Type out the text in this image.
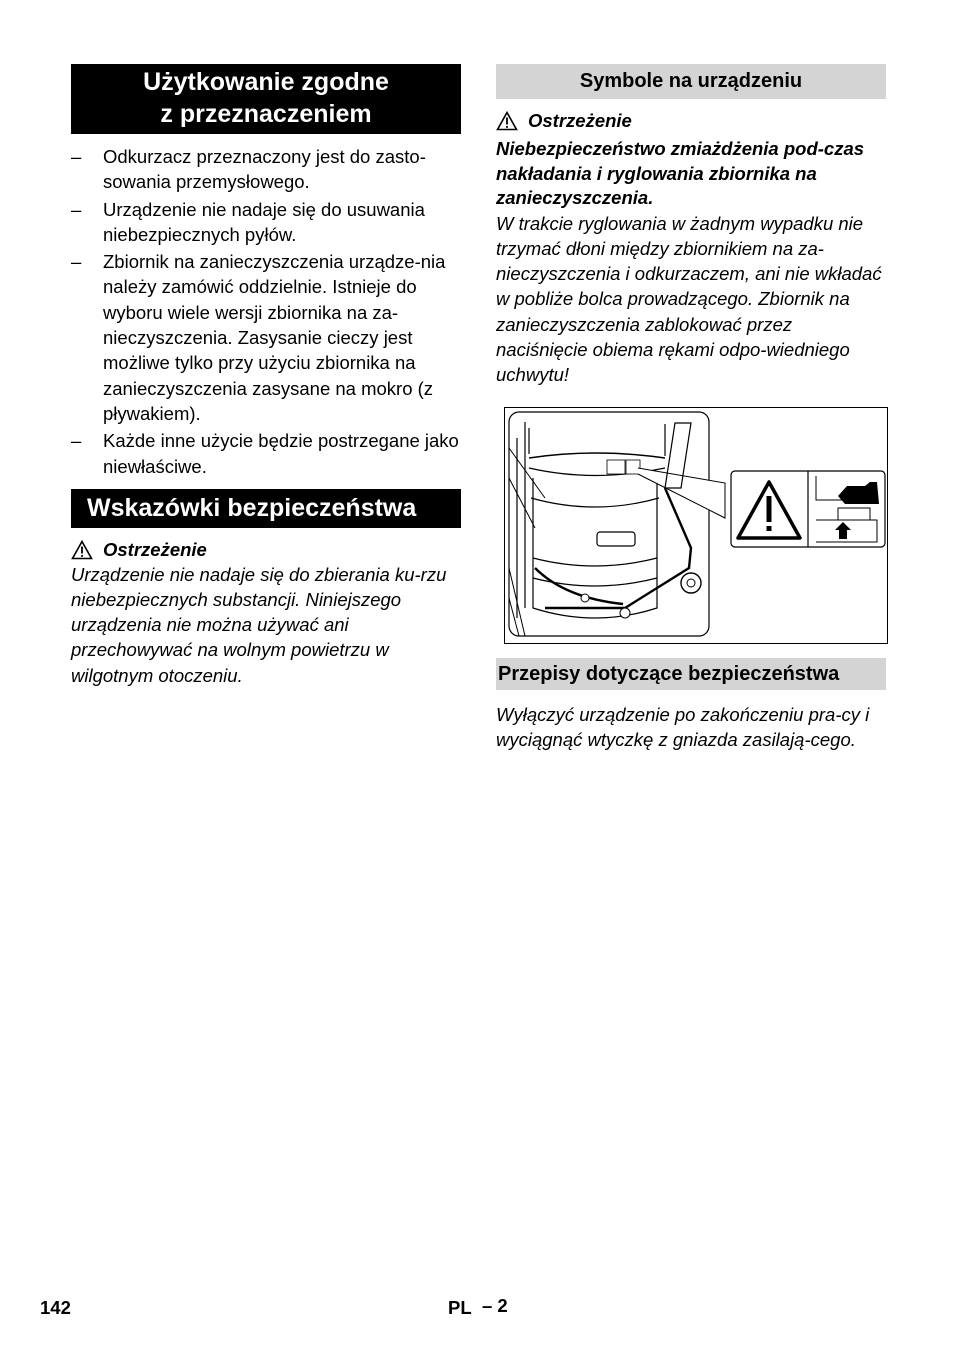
Użytkowanie zgodne
z przeznaczeniem
–	Odkurzacz przeznaczony jest do zasto-sowania przemysłowego.
–	Urządzenie nie nadaje się do usuwania niebezpiecznych pyłów.
–	Zbiornik na zanieczyszczenia urządze-nia należy zamówić oddzielnie. Istnieje do wyboru wiele wersji zbiornika na za-nieczyszczenia. Zasysanie cieczy jest możliwe tylko przy użyciu zbiornika na zanieczyszczenia zasysane na mokro (z pływakiem).
–	Każde inne użycie będzie postrzegane jako niewłaściwe.
Wskazówki bezpieczeństwa

Ostrzeżenie

Urządzenie nie nadaje się do zbierania ku-rzu niebezpiecznych substancji. Niniejszego urządzenia nie można używać ani przechowywać na wolnym powietrzu w wilgotnym otoczeniu.

Symbole na urządzeniu

Ostrzeżenie

Niebezpieczeństwo zmiażdżenia pod-czas nakładania i ryglowania zbiornika na zanieczyszczenia.

W trakcie ryglowania w żadnym wypadku nie trzymać dłoni między zbiornikiem na za-nieczyszczenia i odkurzaczem, ani nie wkładać w pobliże bolca prowadzącego. Zbiornik na zanieczyszczenia zablokować przez naciśnięcie obiema rękami odpo-wiedniego uchwytu!

Przepisy dotyczące bezpieczeństwa

Wyłączyć urządzenie po zakończeniu pra-cy i wyciągnąć wtyczkę z gniazda zasilają-cego.

142	PL – 2
